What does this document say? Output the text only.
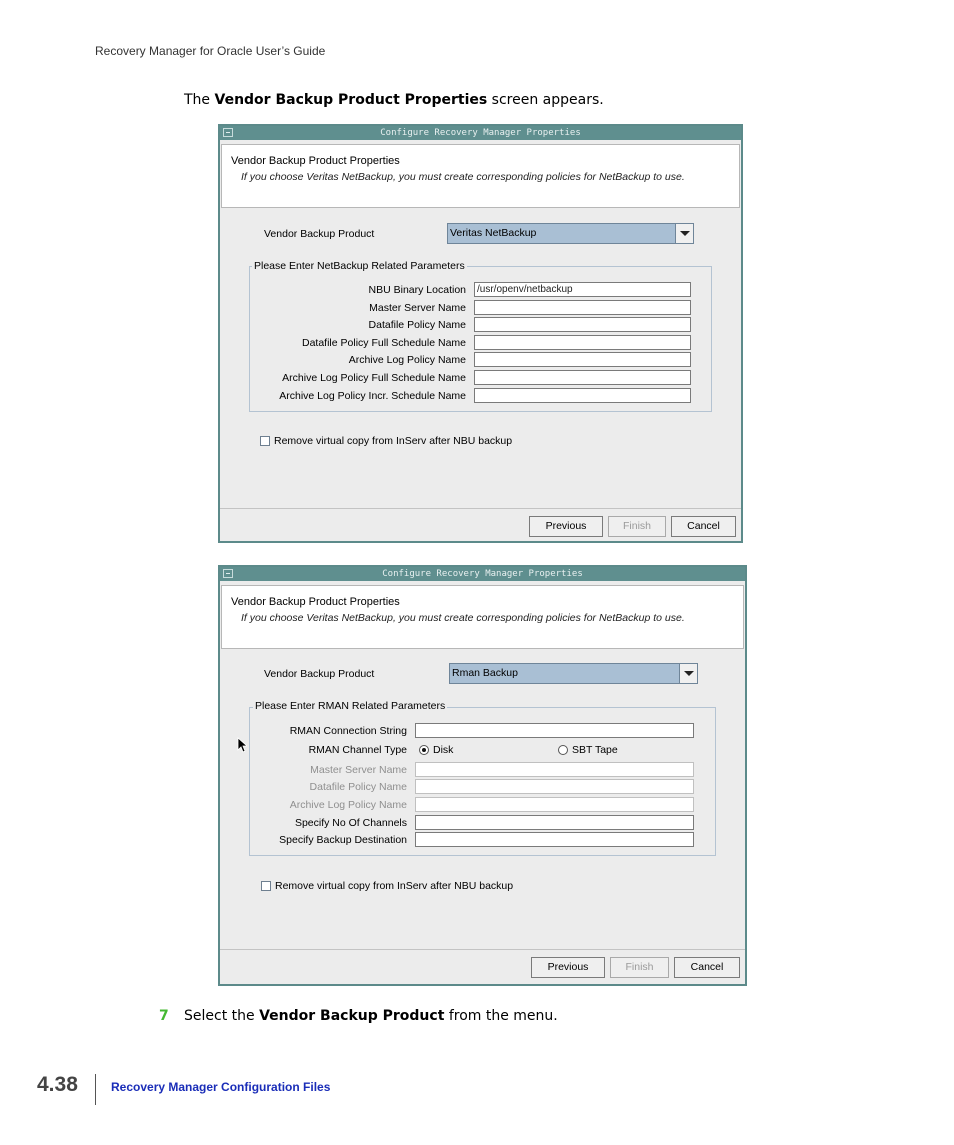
Recovery Manager for Oracle User’s Guide
The Vendor Backup Product Properties screen appears.
Configure Recovery Manager Properties
Vendor Backup Product Properties
If you choose Veritas NetBackup, you must create corresponding policies for NetBackup to use.
Vendor Backup Product	Veritas NetBackup
Please Enter NetBackup Related Parameters
NBU Binary Location	/usr/openv/netbackup
Master Server Name
Datafile Policy Name
Datafile Policy Full Schedule Name
Archive Log Policy Name
Archive Log Policy Full Schedule Name
Archive Log Policy Incr. Schedule Name
Remove virtual copy from InServ after NBU backup
Previous	Finish	Cancel
Configure Recovery Manager Properties
Vendor Backup Product Properties
If you choose Veritas NetBackup, you must create corresponding policies for NetBackup to use.
Vendor Backup Product	Rman Backup
Please Enter RMAN Related Parameters
RMAN Connection String
RMAN Channel Type Disk	SBT Tape
Master Server Name
Datafile Policy Name
Archive Log Policy Name
Specify No Of Channels
Specify Backup Destination
Remove virtual copy from InServ after NBU backup
Previous	Finish	Cancel
7 Select the Vendor Backup Product from the menu.
4.38	Recovery Manager Configuration Files
